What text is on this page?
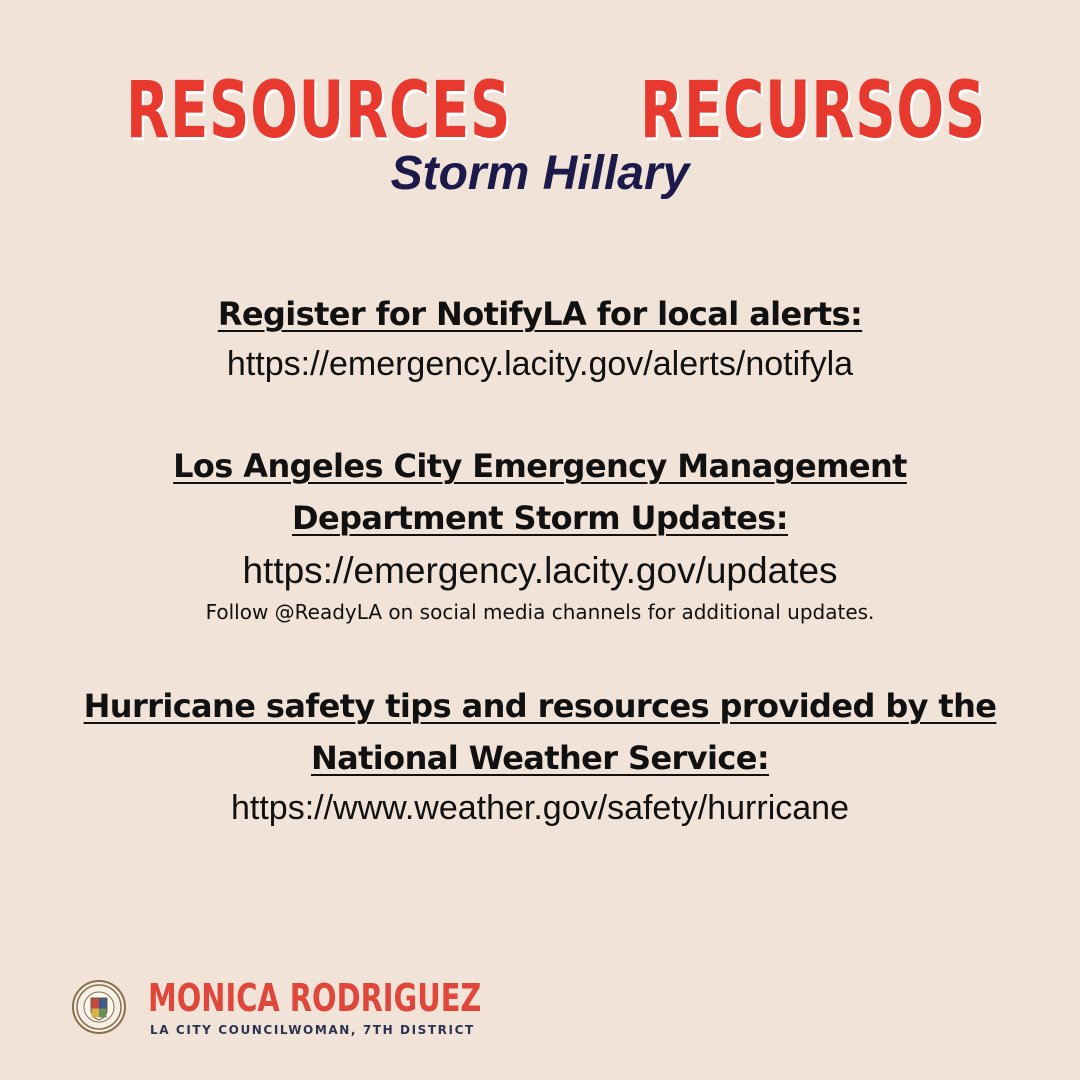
RESOURCES RECURSOS
Storm Hillary
Register for NotifyLA for local alerts:
https://emergency.lacity.gov/alerts/notifyla
Los Angeles City Emergency Management
Department Storm Updates:
https://emergency.lacity.gov/updates
Follow @ReadyLA on social media channels for additional updates.
Hurricane safety tips and resources provided by the
National Weather Service:
https://www.weather.gov/safety/hurricane
MONICA RODRIGUEZ
LA CITY COUNCILWOMAN, 7TH DISTRICT
